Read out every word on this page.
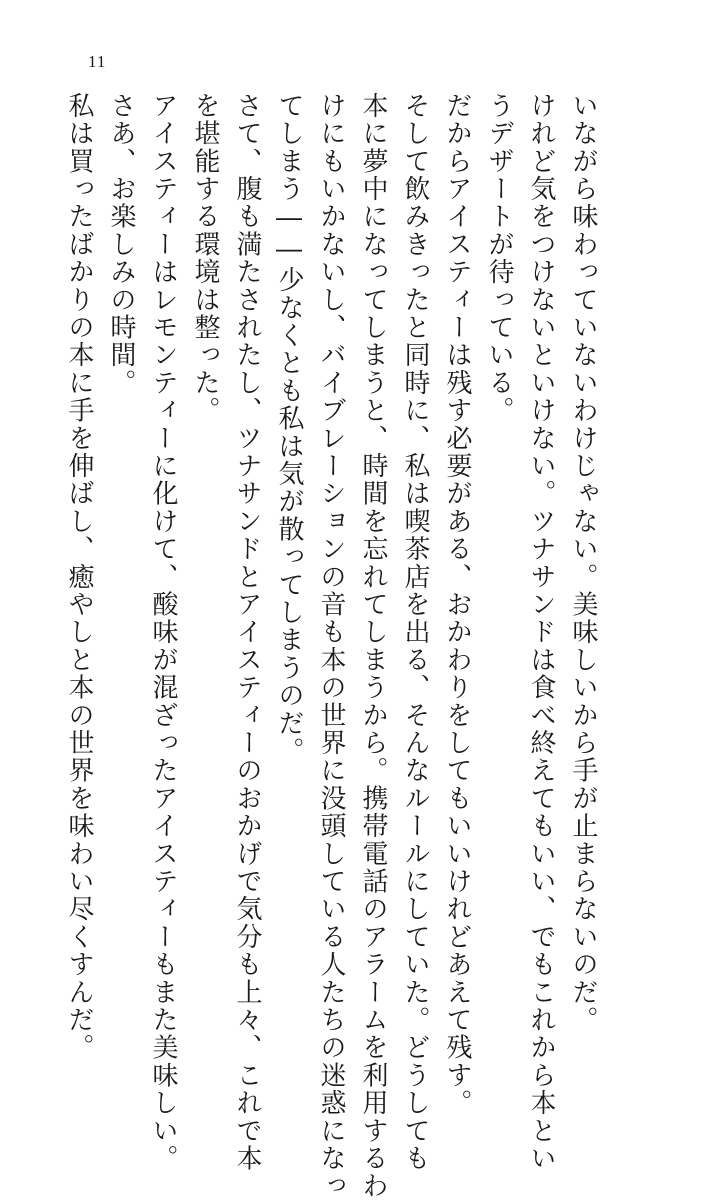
11

いながら味わっていないわけじゃない。美味しいから手が止まらないのだ。

けれど気をつけないといけない。ツナサンドは食べ終えてもいい、でもこれから本とい

うデザートが待っている。

だからアイスティーは残す必要がある、おかわりをしてもいいけれどあえて残す。

そして飲みきったと同時に、私は喫茶店を出る、そんなルールにしていた。どうしても

本に夢中になってしまうと、時間を忘れてしまうから。携帯電話のアラームを利用するわ

けにもいかないし、バイブレーションの音も本の世界に没頭している人たちの迷惑になっ

てしまう――少なくとも私は気が散ってしまうのだ。

さて、腹も満たされたし、ツナサンドとアイスティーのおかげで気分も上々、これで本

を堪能する環境は整った。

アイスティーはレモンティーに化けて、酸味が混ざったアイスティーもまた美味しい。

さあ、お楽しみの時間。

私は買ったばかりの本に手を伸ばし、癒やしと本の世界を味わい尽くすんだ。
